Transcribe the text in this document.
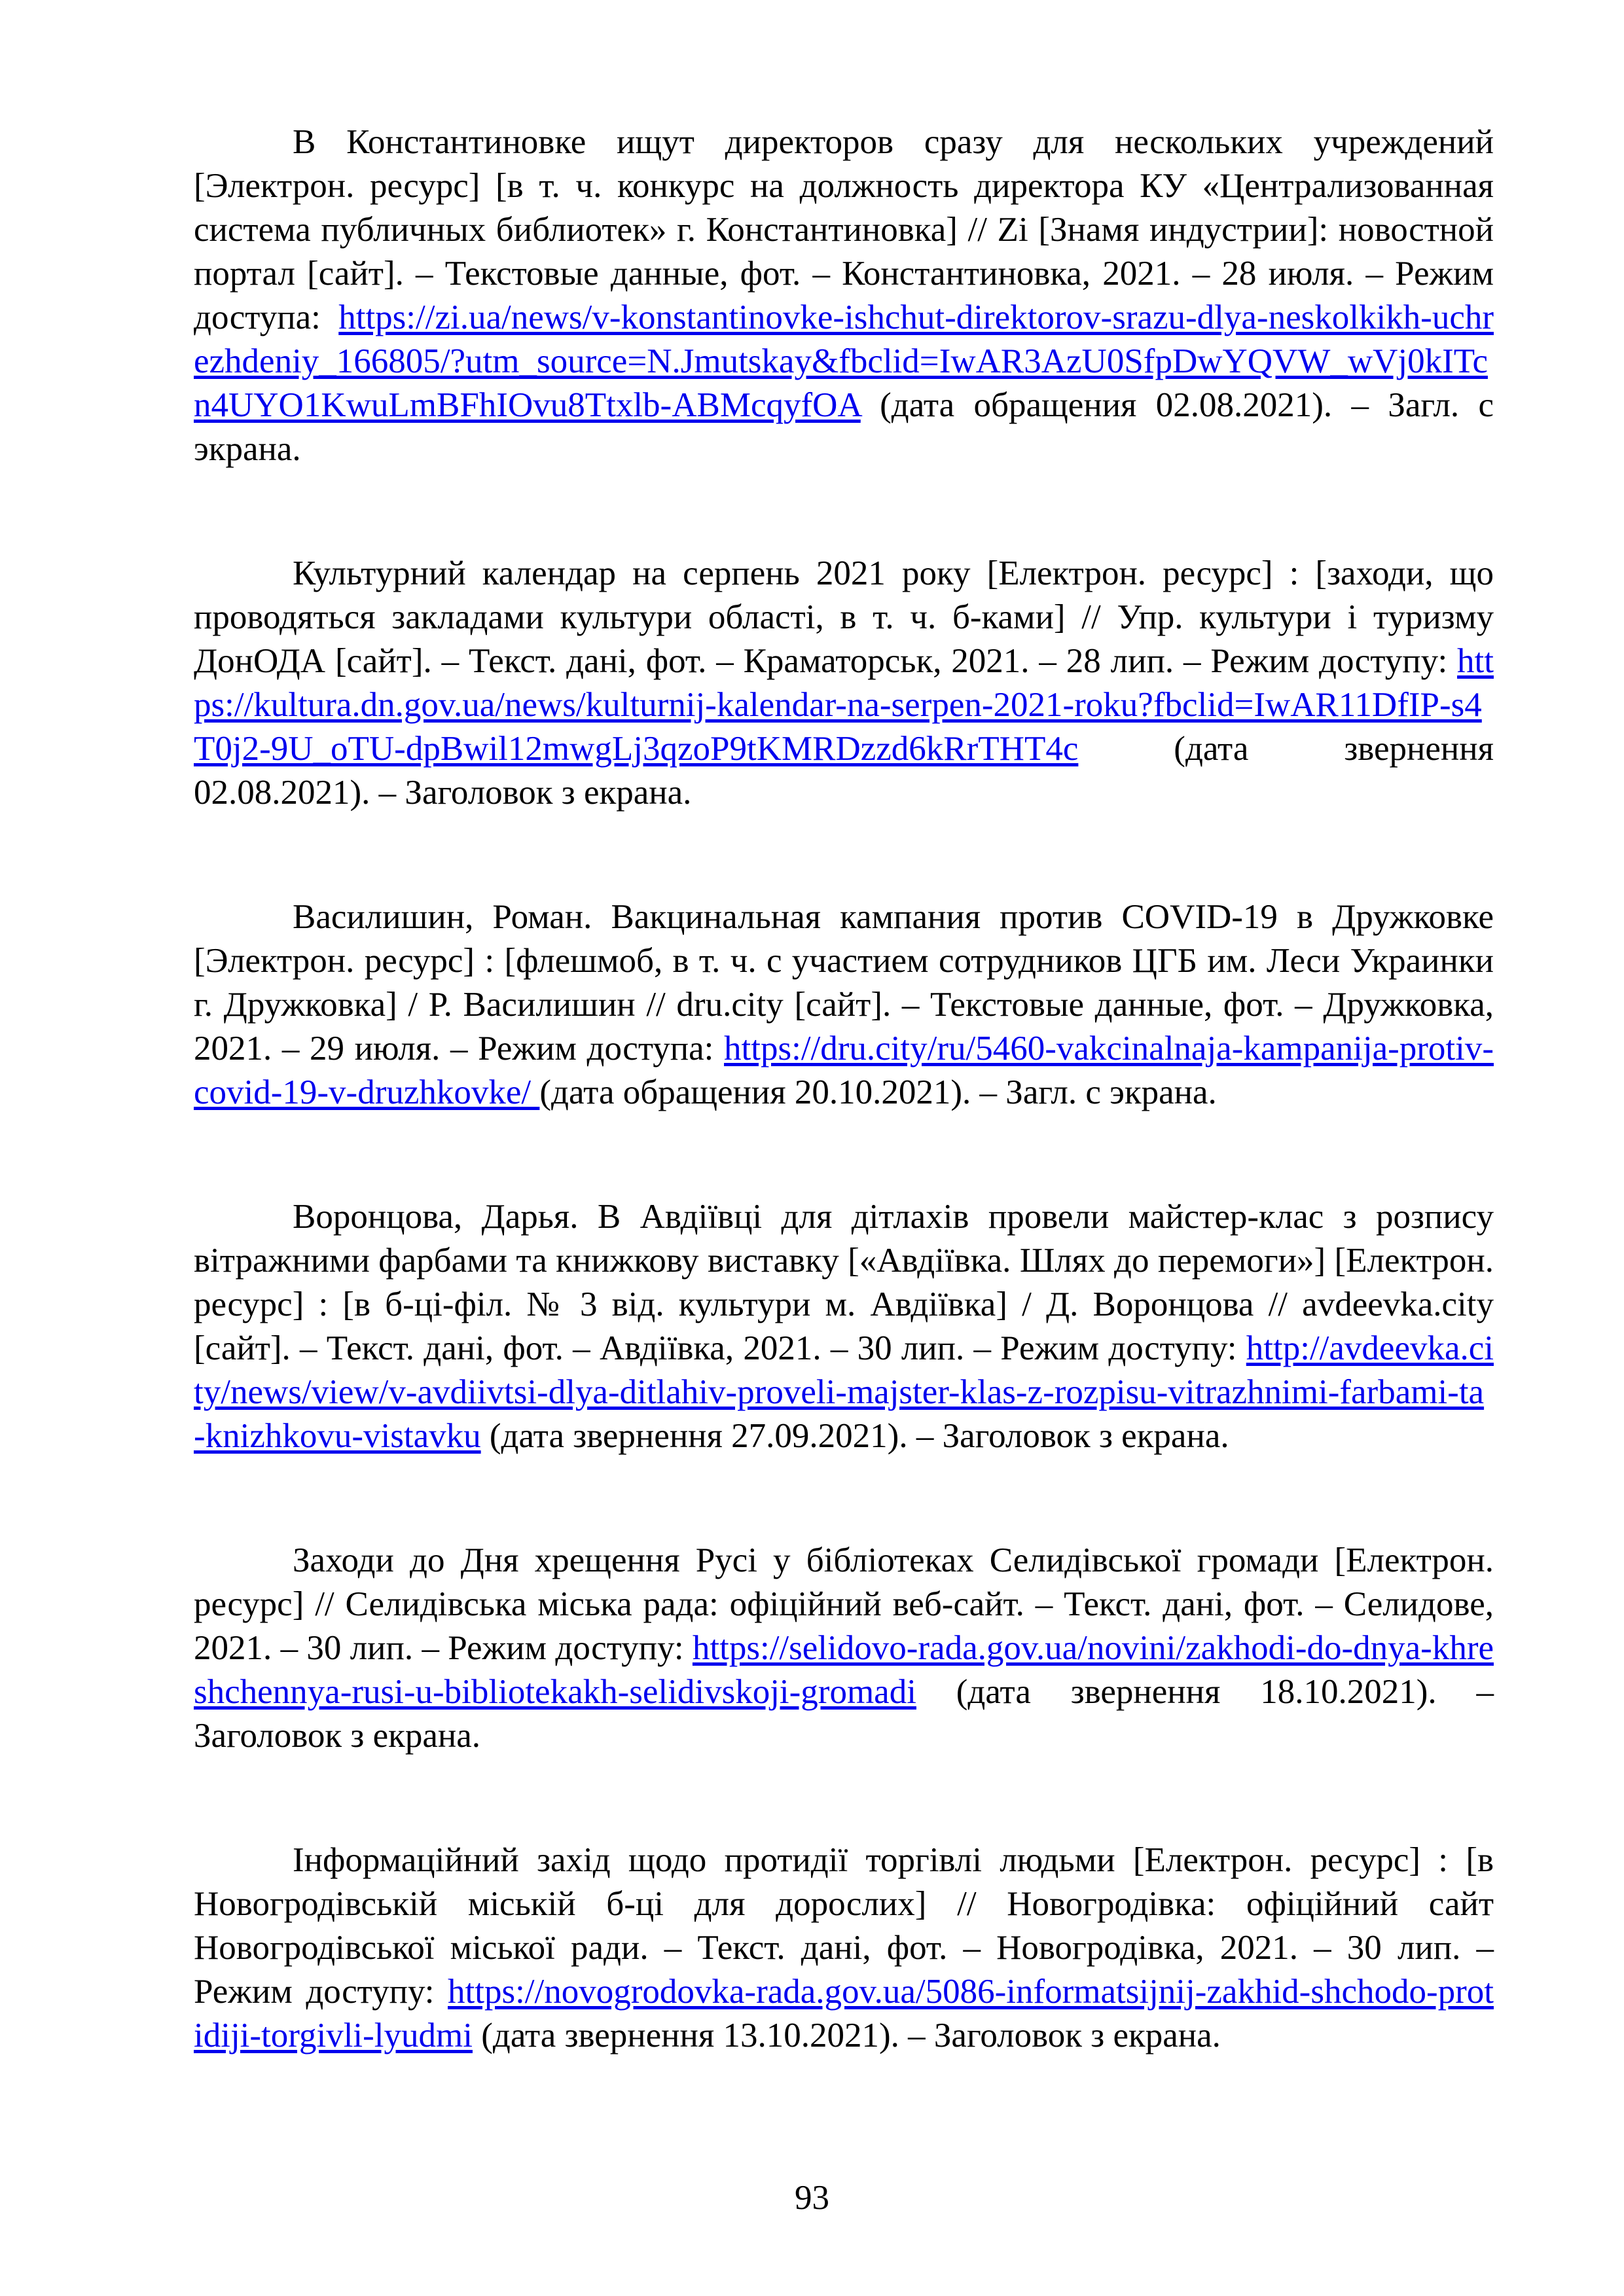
В Константиновке ищут директоров сразу для нескольких учреждений [Электрон. ресурс] [в т. ч. конкурс на должность директора КУ «Централизованная система публичных библиотек» г. Константиновка] // Zi [Знамя индустрии]: новостной портал [сайт]. – Текстовые данные, фот. – Константиновка, 2021. – 28 июля. – Режим доступа: https://zi.ua/news/v-konstantinovke-ishchut-direktorov-srazu-dlya-neskolkikh-uchrezhdeniy_166805/?utm_source=N.Jmutskay&fbclid=IwAR3AzU0SfpDwYQVW_wVj0kITcn4UYO1KwuLmBFhIOvu8Ttxlb-ABMcqyfOA (дата обращения 02.08.2021). – Загл. с экрана.

Культурний календар на серпень 2021 року [Електрон. ресурс] : [заходи, що проводяться закладами культури області, в т. ч. б-ками] // Упр. культури і туризму ДонОДА [сайт]. – Текст. дані, фот. – Краматорськ, 2021. – 28 лип. – Режим доступу: https://kultura.dn.gov.ua/news/kulturnij-kalendar-na-serpen-2021-roku?fbclid=IwAR11DfIP-s4T0j2-9U_oTU-dpBwil12mwgLj3qzoP9tKMRDzzd6kRrTHT4c (дата звернення 02.08.2021). – Заголовок з екрана.

Василишин, Роман. Вакцинальная кампания против COVID-19 в Дружковке [Электрон. ресурс] : [флешмоб, в т. ч. с участием сотрудников ЦГБ им. Леси Украинки г. Дружковка] / Р. Василишин // dru.city [сайт]. – Текстовые данные, фот. – Дружковка, 2021. – 29 июля. – Режим доступа: https://dru.city/ru/5460-vakcinalnaja-kampanija-protiv-covid-19-v-druzhkovke/ (дата обращения 20.10.2021). – Загл. с экрана.

Воронцова, Дарья. В Авдіївці для дітлахів провели майстер-клас з розпису вітражними фарбами та книжкову виставку [«Авдіївка. Шлях до перемоги»] [Електрон. ресурс] : [в б-ці-філ. № 3 від. культури м. Авдіївка] / Д. Воронцова // avdeevka.city [сайт]. – Текст. дані, фот. – Авдіївка, 2021. – 30 лип. – Режим доступу: http://avdeevka.city/news/view/v-avdiivtsi-dlya-ditlahiv-proveli-majster-klas-z-rozpisu-vitrazhnimi-farbami-ta-knizhkovu-vistavku (дата звернення 27.09.2021). – Заголовок з екрана.

Заходи до Дня хрещення Русі у бібліотеках Селидівської громади [Електрон. ресурс] // Селидівська міська рада: офіційний веб-сайт. – Текст. дані, фот. – Селидове, 2021. – 30 лип. – Режим доступу: https://selidovo-rada.gov.ua/novini/zakhodi-do-dnya-khreshchennya-rusi-u-bibliotekakh-selidivskoji-gromadi (дата звернення 18.10.2021). – Заголовок з екрана.

Інформаційний захід щодо протидії торгівлі людьми [Електрон. ресурс] : [в Новогродівській міській б-ці для дорослих] // Новогродівка: офіційний сайт Новогродівської міської ради. – Текст. дані, фот. – Новогродівка, 2021. – 30 лип. – Режим доступу: https://novogrodovka-rada.gov.ua/5086-informatsijnij-zakhid-shchodo-protidiji-torgivli-lyudmi (дата звернення 13.10.2021). – Заголовок з екрана.

93
